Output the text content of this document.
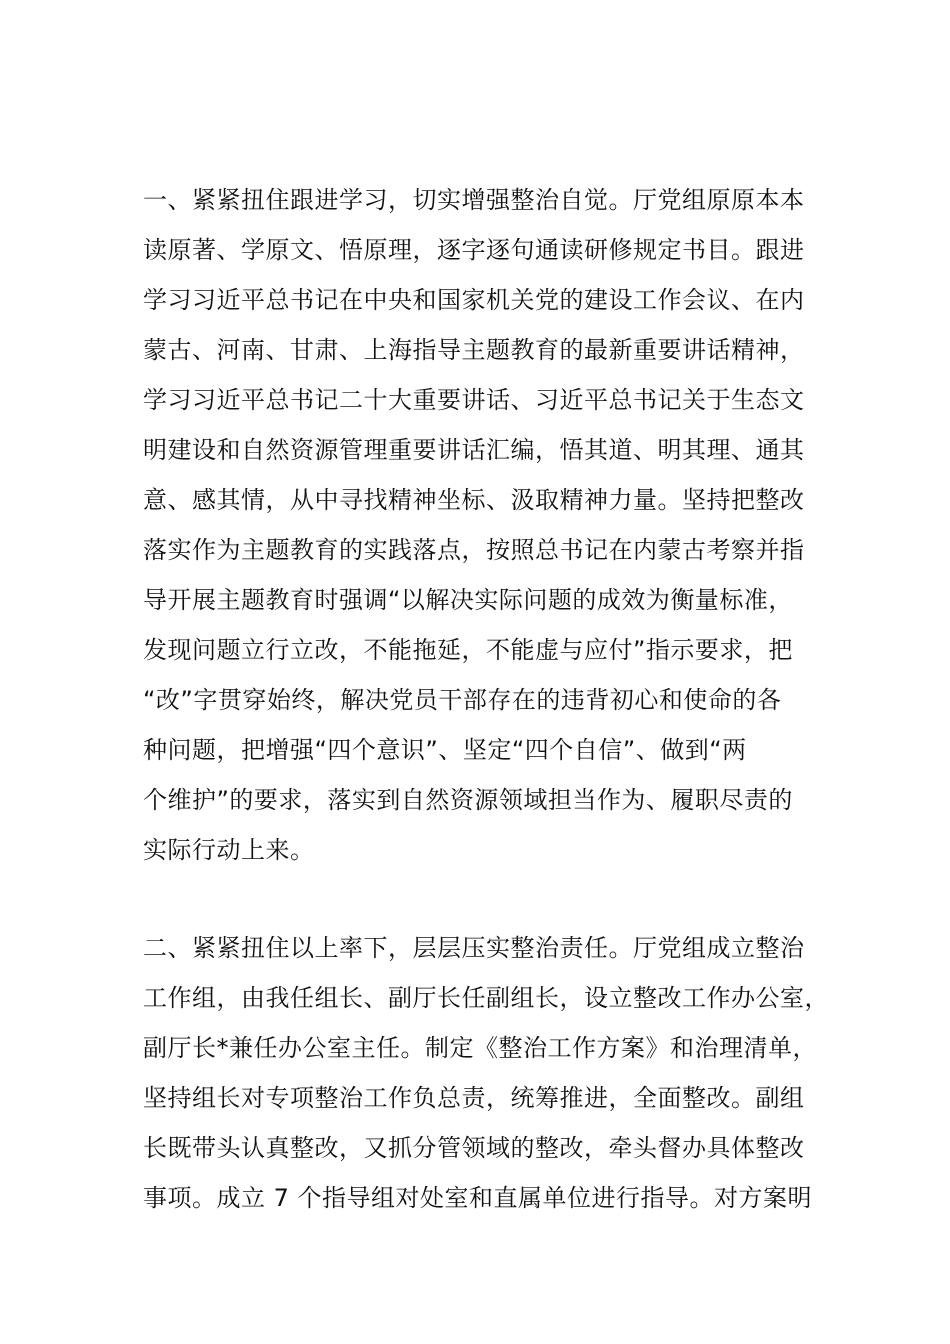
一、紧紧扭住跟进学习，切实增强整治自觉。厅党组原原本本
读原著、学原文、悟原理，逐字逐句通读研修规定书目。跟进
学习习近平总书记在中央和国家机关党的建设工作会议、在内
蒙古、河南、甘肃、上海指导主题教育的最新重要讲话精神，
学习习近平总书记二十大重要讲话、习近平总书记关于生态文
明建设和自然资源管理重要讲话汇编，悟其道、明其理、通其
意、感其情，从中寻找精神坐标、汲取精神力量。坚持把整改
落实作为主题教育的实践落点，按照总书记在内蒙古考察并指
导开展主题教育时强调“以解决实际问题的成效为衡量标准，
发现问题立行立改，不能拖延，不能虚与应付”指示要求，把
“改”字贯穿始终，解决党员干部存在的违背初心和使命的各
种问题，把增强“四个意识”、坚定“四个自信”、做到“两
个维护”的要求，落实到自然资源领域担当作为、履职尽责的
实际行动上来。
二、紧紧扭住以上率下，层层压实整治责任。厅党组成立整治
工作组，由我任组长、副厅长任副组长，设立整改工作办公室，
副厅长*兼任办公室主任。制定《整治工作方案》和治理清单，
坚持组长对专项整治工作负总责，统筹推进，全面整改。副组
长既带头认真整改，又抓分管领域的整改，牵头督办具体整改
事项。成立 7 个指导组对处室和直属单位进行指导。对方案明
